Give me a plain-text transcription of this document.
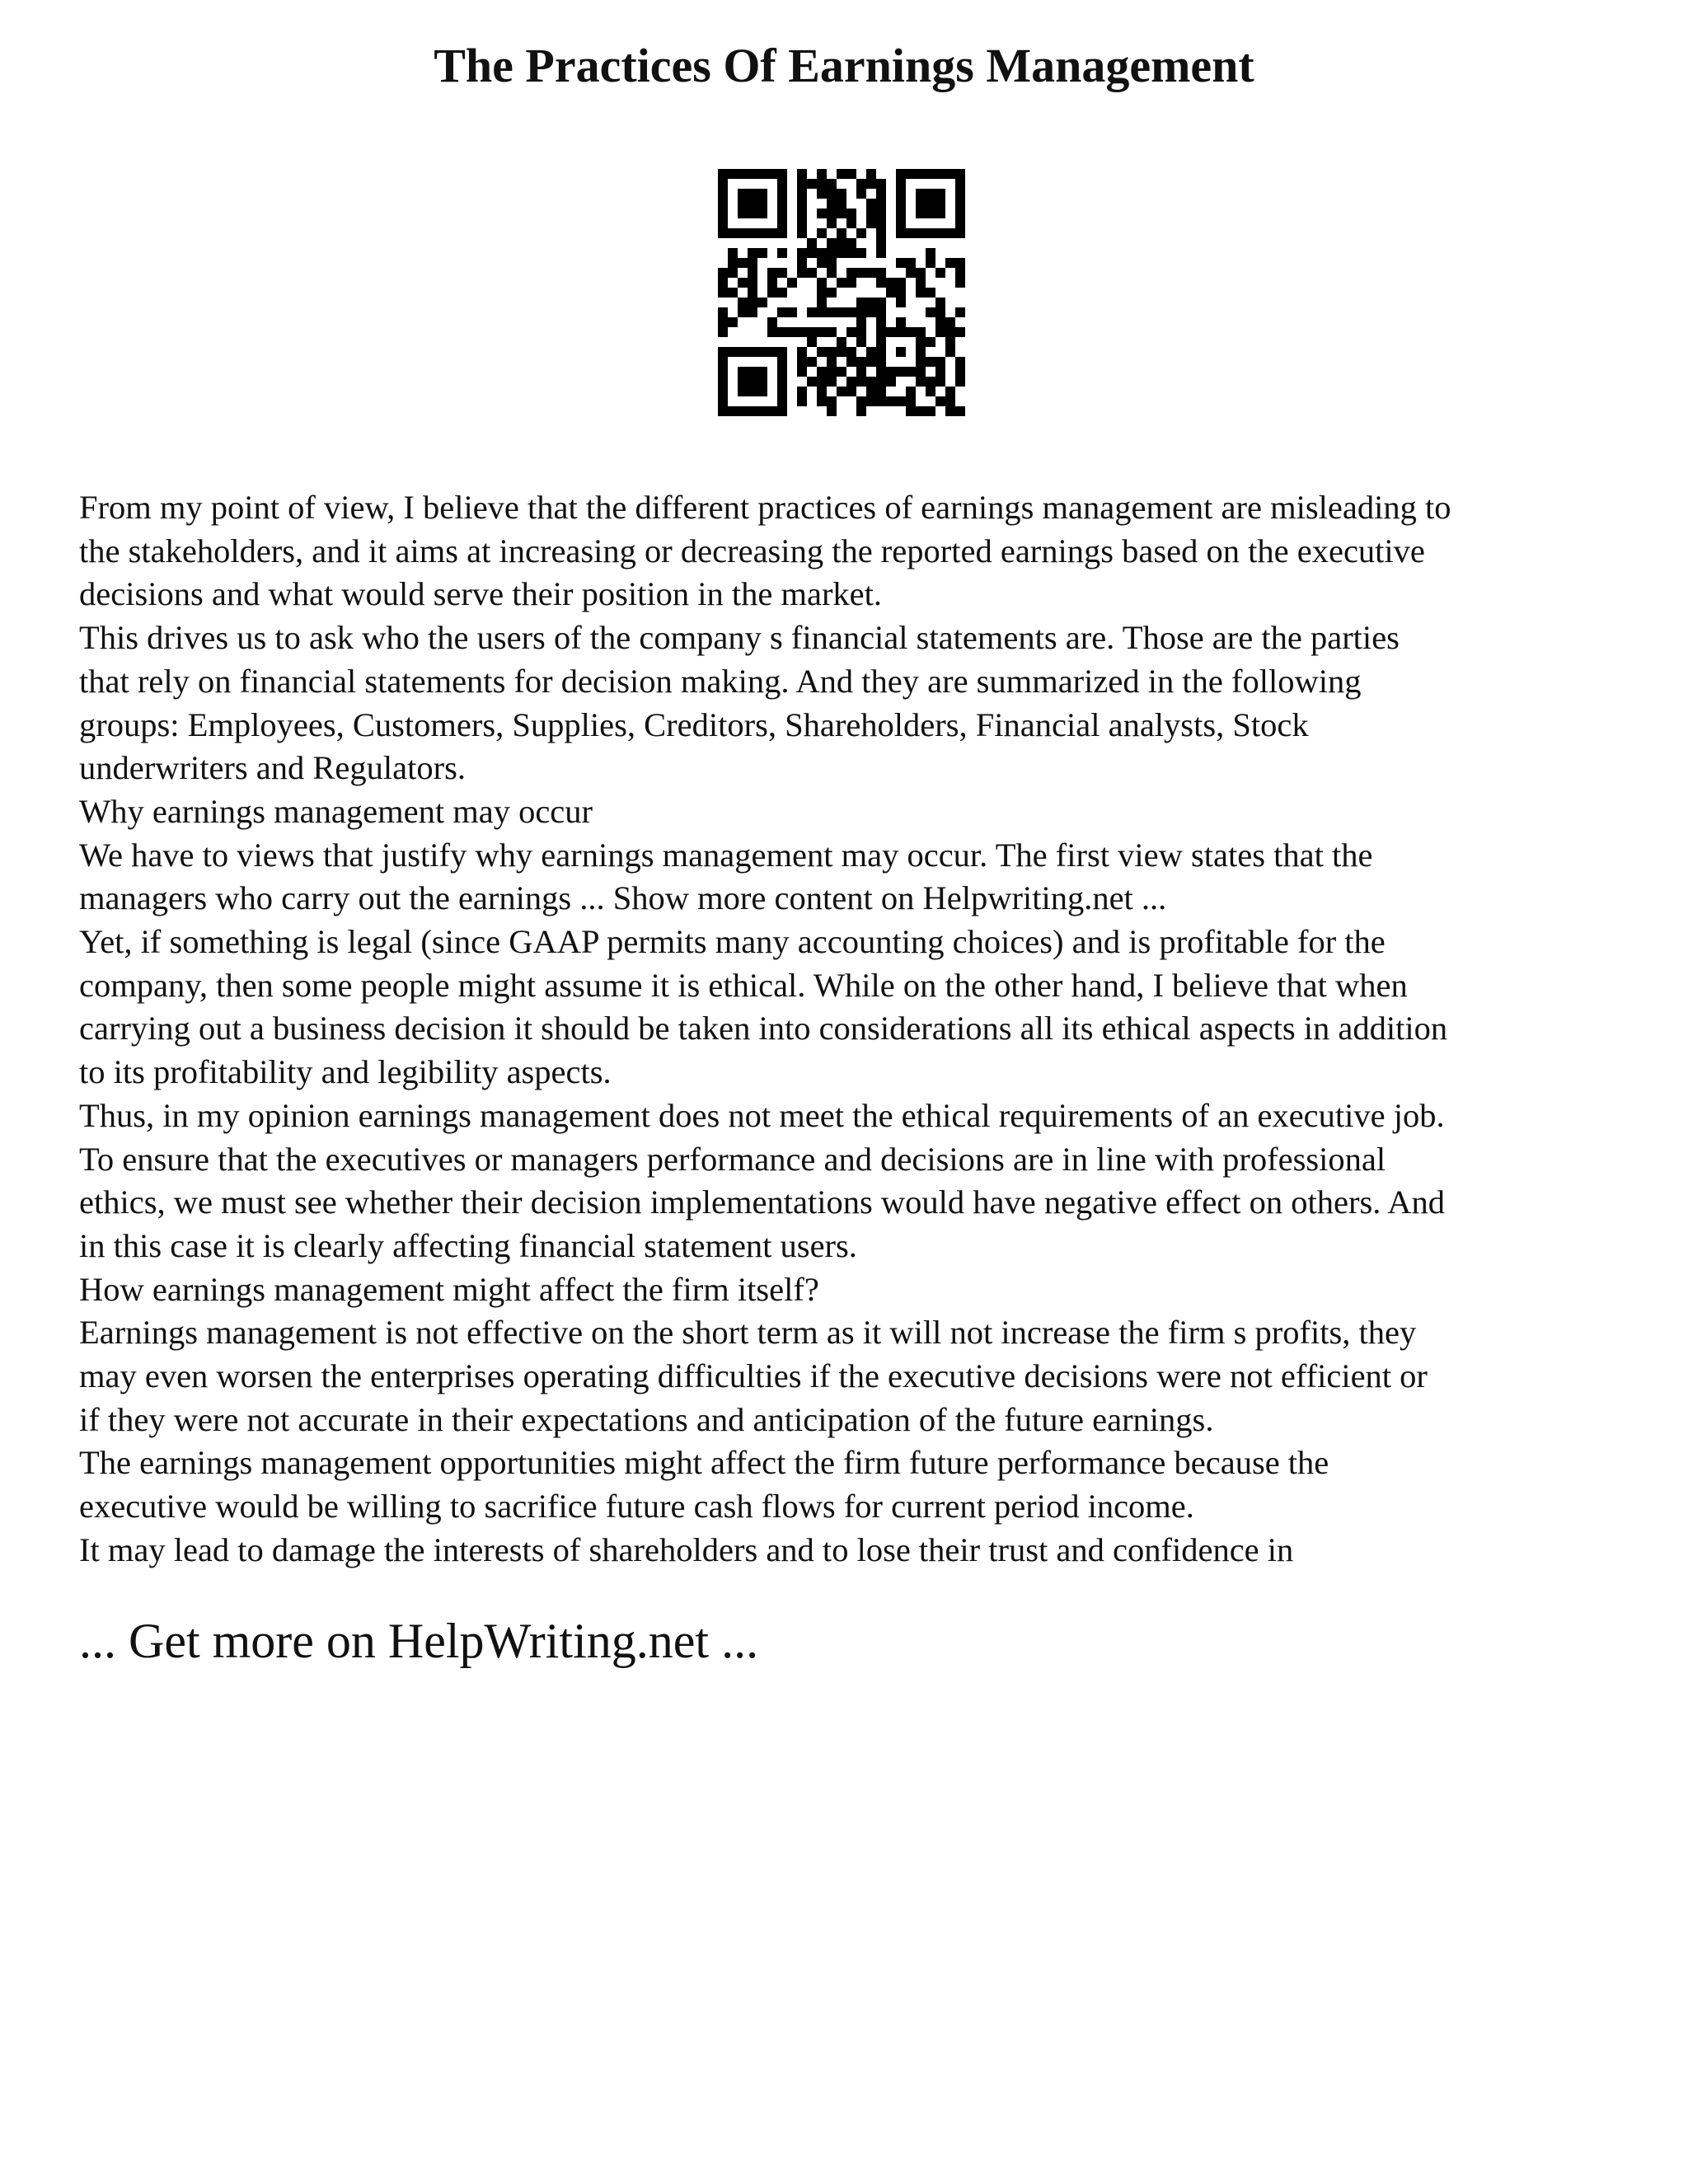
The Practices Of Earnings Management
From my point of view, I believe that the different practices of earnings management are misleading to
the stakeholders, and it aims at increasing or decreasing the reported earnings based on the executive
decisions and what would serve their position in the market.
This drives us to ask who the users of the company s financial statements are. Those are the parties
that rely on financial statements for decision making. And they are summarized in the following
groups: Employees, Customers, Supplies, Creditors, Shareholders, Financial analysts, Stock
underwriters and Regulators.
Why earnings management may occur
We have to views that justify why earnings management may occur. The first view states that the
managers who carry out the earnings ... Show more content on Helpwriting.net ...
Yet, if something is legal (since GAAP permits many accounting choices) and is profitable for the
company, then some people might assume it is ethical. While on the other hand, I believe that when
carrying out a business decision it should be taken into considerations all its ethical aspects in addition
to its profitability and legibility aspects.
Thus, in my opinion earnings management does not meet the ethical requirements of an executive job.
To ensure that the executives or managers performance and decisions are in line with professional
ethics, we must see whether their decision implementations would have negative effect on others. And
in this case it is clearly affecting financial statement users.
How earnings management might affect the firm itself?
Earnings management is not effective on the short term as it will not increase the firm s profits, they
may even worsen the enterprises operating difficulties if the executive decisions were not efficient or
if they were not accurate in their expectations and anticipation of the future earnings.
The earnings management opportunities might affect the firm future performance because the
executive would be willing to sacrifice future cash flows for current period income.
It may lead to damage the interests of shareholders and to lose their trust and confidence in
... Get more on HelpWriting.net ...
